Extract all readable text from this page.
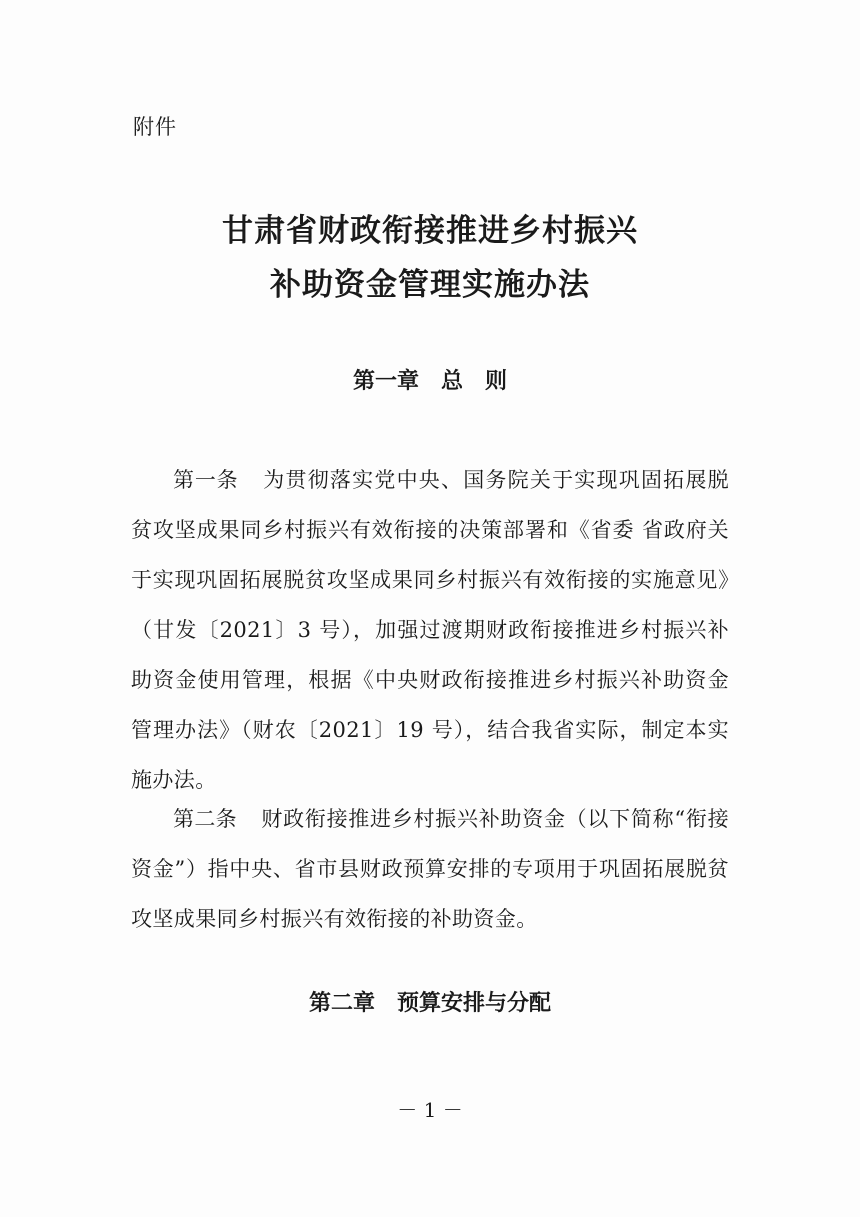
附件

甘肃省财政衔接推进乡村振兴
补助资金管理实施办法
第一章 总　则

第一条 为贯彻落实党中央、国务院关于实现巩固拓展脱贫攻坚成果同乡村振兴有效衔接的决策部署和《省委 省政府关于实现巩固拓展脱贫攻坚成果同乡村振兴有效衔接的实施意见》（甘发〔2021〕3 号），加强过渡期财政衔接推进乡村振兴补助资金使用管理，根据《中央财政衔接推进乡村振兴补助资金管理办法》（财农〔2021〕19 号），结合我省实际，制定本实施办法。

第二条 财政衔接推进乡村振兴补助资金（以下简称“衔接资金”）指中央、省市县财政预算安排的专项用于巩固拓展脱贫攻坚成果同乡村振兴有效衔接的补助资金。

第二章 预算安排与分配

－ 1 －
